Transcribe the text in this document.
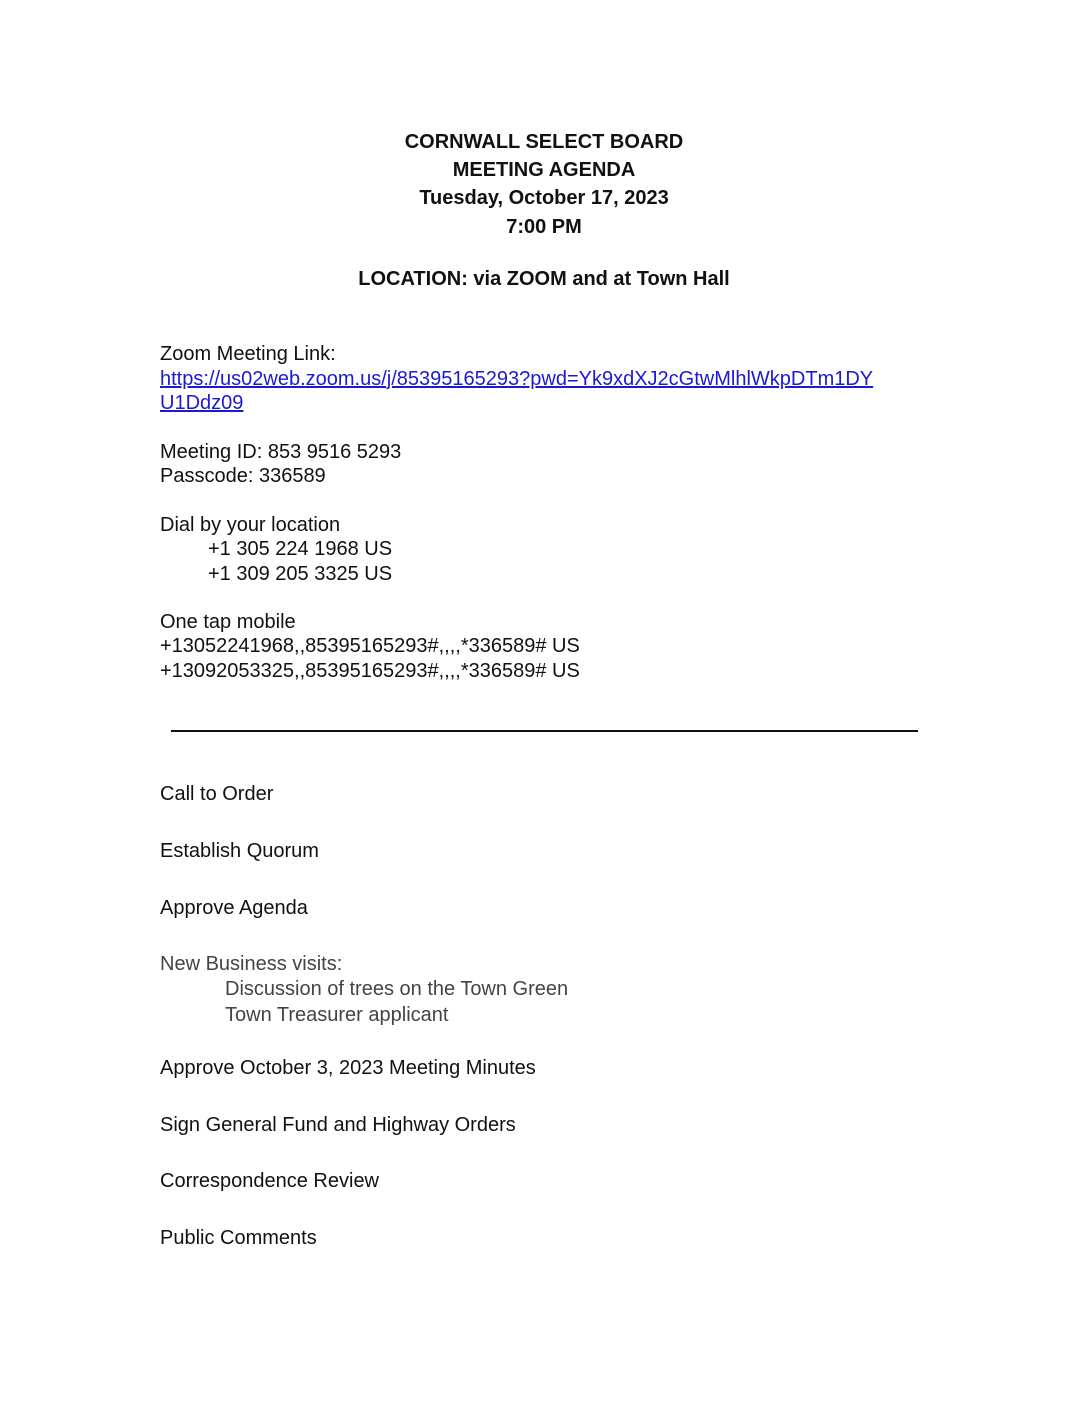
CORNWALL SELECT BOARD
MEETING AGENDA
Tuesday, October 17, 2023
7:00 PM
LOCATION: via ZOOM and at Town Hall
Zoom Meeting Link:
https://us02web.zoom.us/j/85395165293?pwd=Yk9xdXJ2cGtwMlhlWkpDTm1DY
U1Ddz09
Meeting ID: 853 9516 5293
Passcode: 336589
Dial by your location
+1 305 224 1968 US
+1 309 205 3325 US
One tap mobile
+13052241968,,85395165293#,,,,*336589# US
+13092053325,,85395165293#,,,,*336589# US
Call to Order
Establish Quorum
Approve Agenda
New Business visits:
Discussion of trees on the Town Green
Town Treasurer applicant
Approve October 3, 2023 Meeting Minutes
Sign General Fund and Highway Orders
Correspondence Review
Public Comments
